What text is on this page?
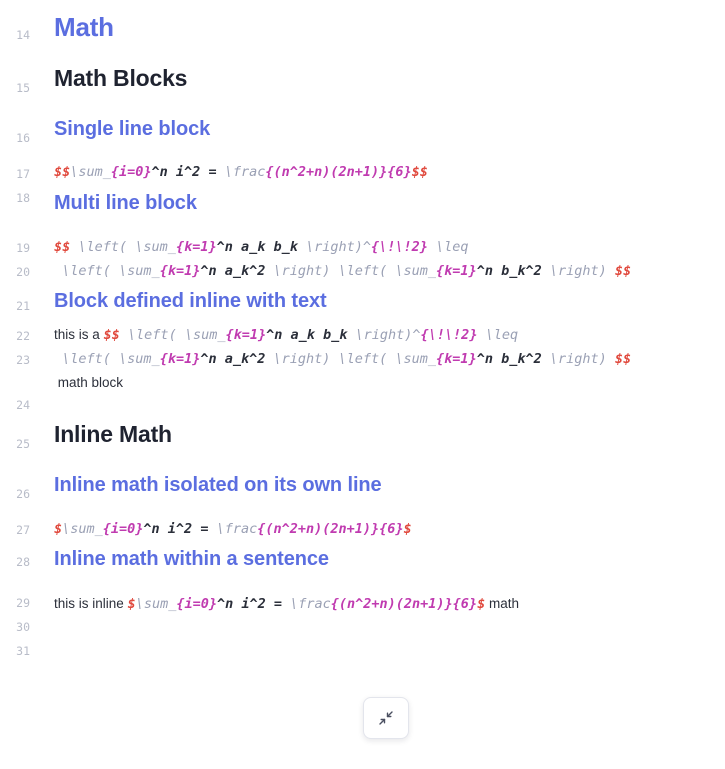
14
15
16
17
18
19
20
21
22
23
24
25
26
27
28
29
30
31
Math
Math Blocks
Single line block
$$\sum_{i=0}^n i^2 = \frac{(n^2+n)(2n+1)}{6}$$
Multi line block
$$ \left( \sum_{k=1}^n a_k b_k \right)^{\!\!2} \leq
\left( \sum_{k=1}^n a_k^2 \right) \left( \sum_{k=1}^n b_k^2 \right) $$
Block defined inline with text
this is a $$ \left( \sum_{k=1}^n a_k b_k \right)^{\!\!2} \leq
\left( \sum_{k=1}^n a_k^2 \right) \left( \sum_{k=1}^n b_k^2 \right) $$
math block
Inline Math
Inline math isolated on its own line
$\sum_{i=0}^n i^2 = \frac{(n^2+n)(2n+1)}{6}$
Inline math within a sentence
this is inline $\sum_{i=0}^n i^2 = \frac{(n^2+n)(2n+1)}{6}$ math
